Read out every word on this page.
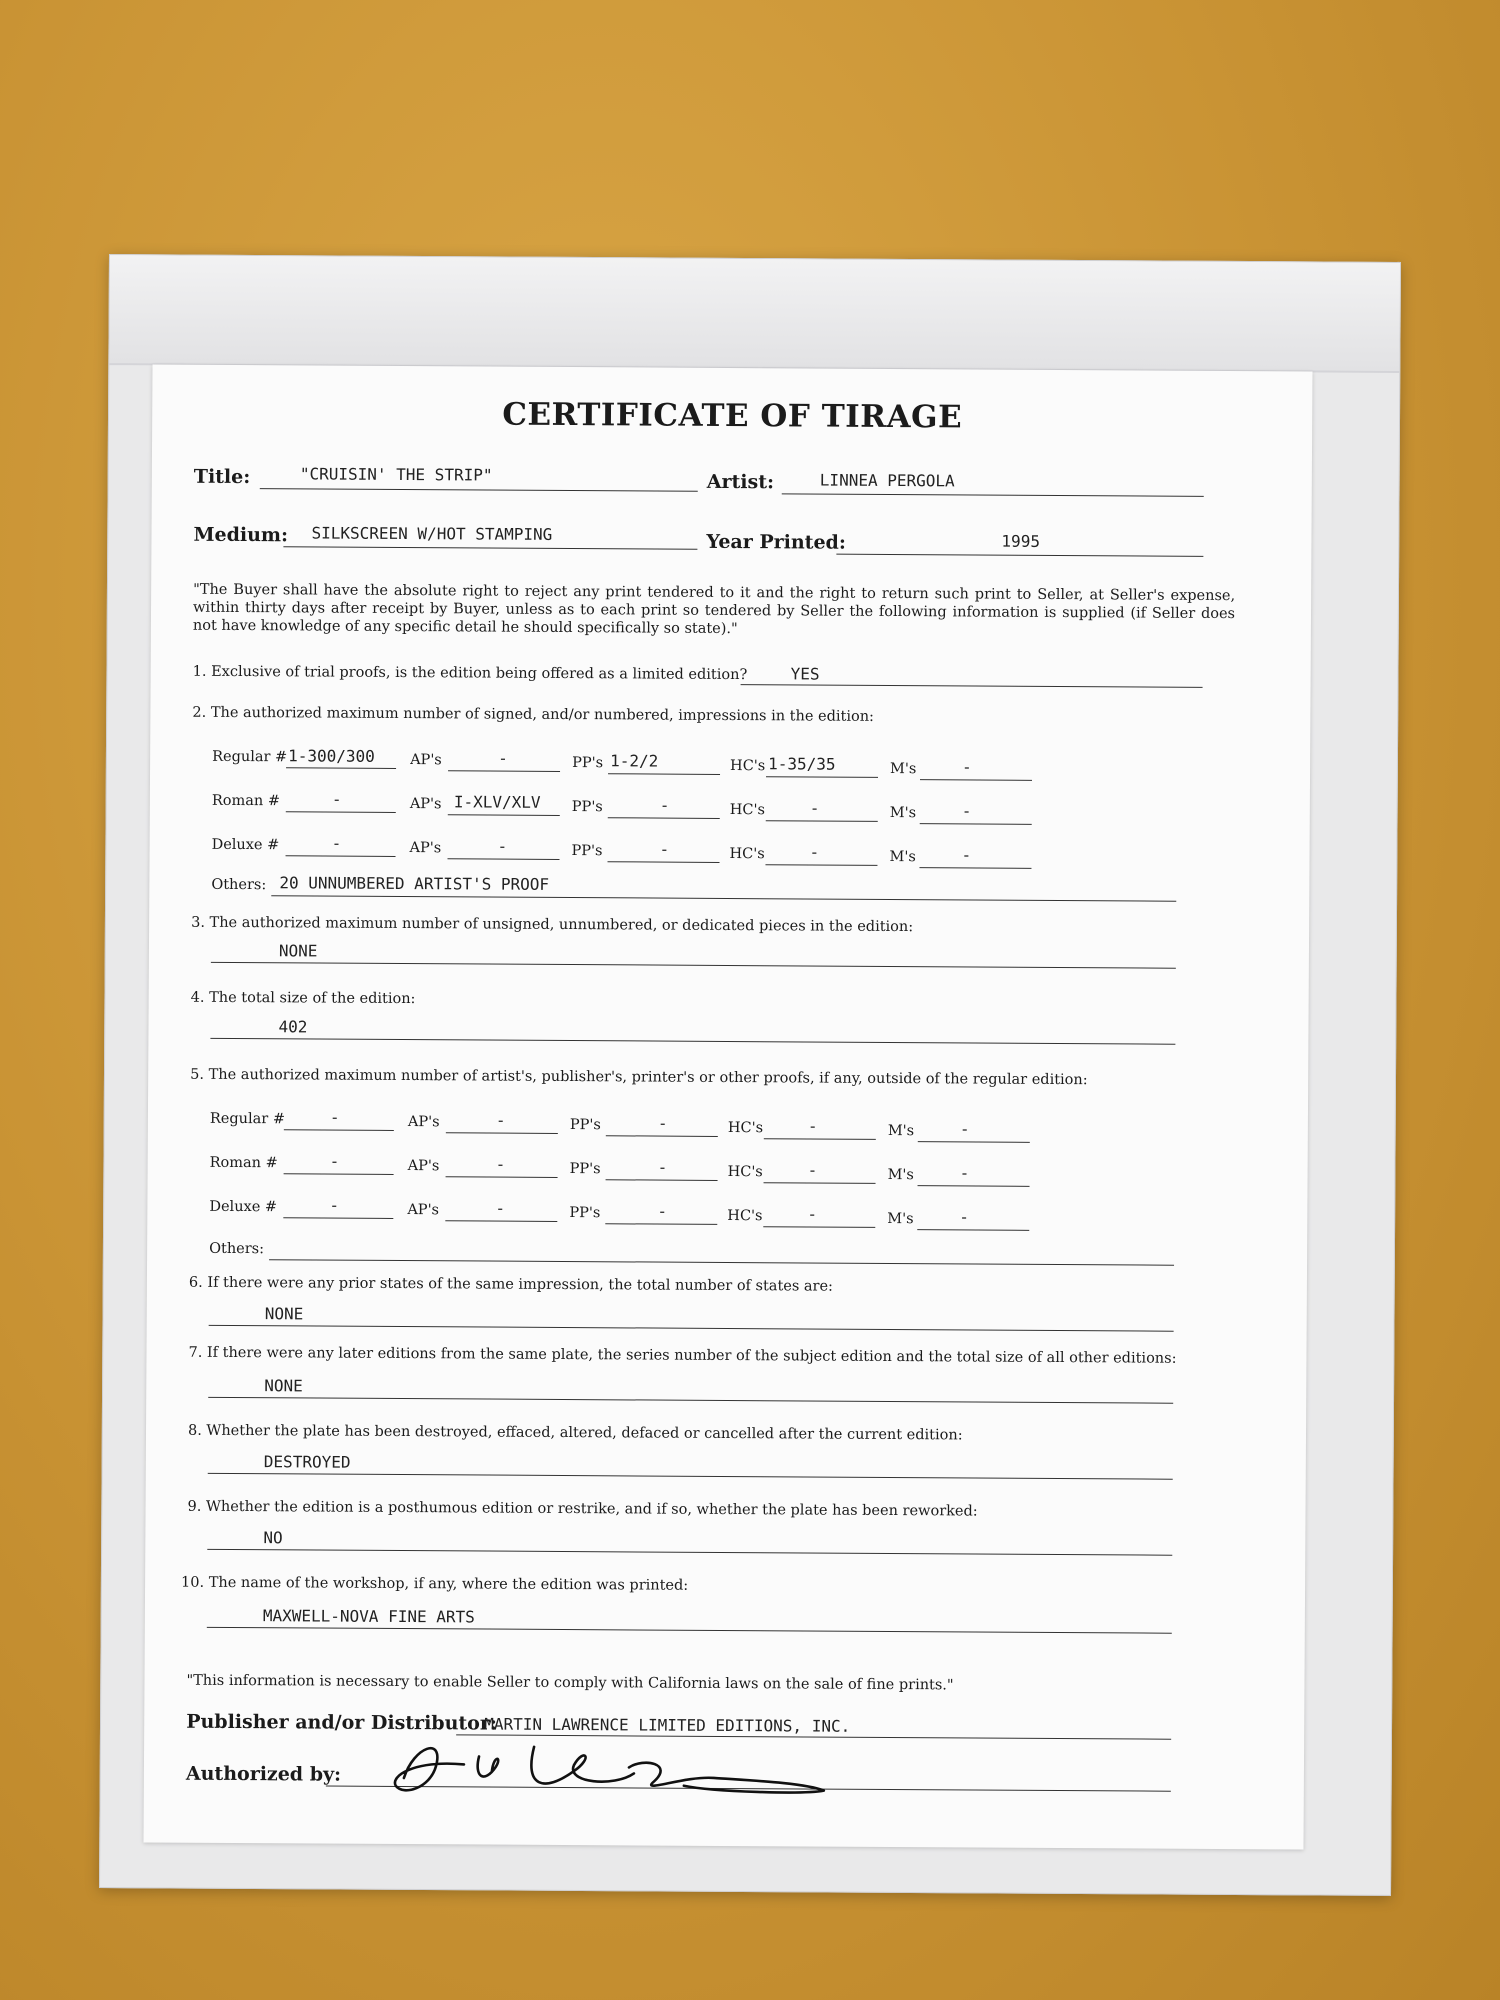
CERTIFICATE OF TIRAGE
Title:	"CRUISIN' THE STRIP"	Artist:	LINNEA PERGOLA
Medium: SILKSCREEN W/HOT STAMPING	Year Printed:	1995
"The Buyer shall have the absolute right to reject any print tendered to it and the right to return such print to Seller, at Seller's expense, within thirty days after receipt by Buyer, unless as to each print so tendered by Seller the following information is supplied (if Seller does not have knowledge of any specific detail he should specifically so state)."
1. Exclusive of trial proofs, is the edition being offered as a limited edition?	YES
2. The authorized maximum number of signed, and/or numbered, impressions in the edition:
Regular # 1-300/300 AP's	-	PP's 1-2/2	HC's 1-35/35	M's	-
Roman #	-	AP's I-XLV/XLV PP's	-	HC's	-	M's	-
Deluxe #	-	AP's	-	PP's	-	HC's	-	M's	-
Others: 20 UNNUMBERED ARTIST'S PROOF
3. The authorized maximum number of unsigned, unnumbered, or dedicated pieces in the edition:
NONE
4. The total size of the edition:
402
5. The authorized maximum number of artist's, publisher's, printer's or other proofs, if any, outside of the regular edition:
Regular #	-	AP's	-	PP's	-	HC's	-	M's	-
Roman #	-	AP's	-	PP's	-	HC's	-	M's	-
Deluxe #	-	AP's	-	PP's	-	HC's	-	M's	-
Others:
6. If there were any prior states of the same impression, the total number of states are:
NONE
7. If there were any later editions from the same plate, the series number of the subject edition and the total size of all other editions:
NONE
8. Whether the plate has been destroyed, effaced, altered, defaced or cancelled after the current edition:
DESTROYED
9. Whether the edition is a posthumous edition or restrike, and if so, whether the plate has been reworked:
NO
10. The name of the workshop, if any, where the edition was printed:
MAXWELL-NOVA FINE ARTS
"This information is necessary to enable Seller to comply with California laws on the sale of fine prints."
Publisher and/or Distributor:
MARTIN LAWRENCE LIMITED EDITIONS, INC.
Authorized by:
